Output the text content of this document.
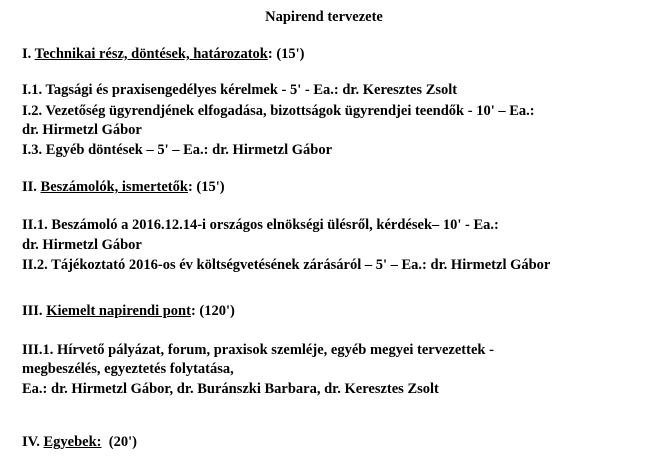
Napirend tervezete
I. Technikai rész, döntések, határozatok: (15')
I.1. Tagsági és praxisengedélyes kérelmek - 5' - Ea.: dr. Keresztes Zsolt
I.2. Vezetőség ügyrendjének elfogadása, bizottságok ügyrendjei teendők - 10' – Ea.:
dr. Hirmetzl Gábor
I.3. Egyéb döntések – 5' – Ea.: dr. Hirmetzl Gábor
II. Beszámolók, ismertetők: (15')
II.1. Beszámoló a 2016.12.14-i országos elnökségi ülésről, kérdések– 10' - Ea.:
dr. Hirmetzl Gábor
II.2. Tájékoztató 2016-os év költségvetésének zárásáról – 5' – Ea.: dr. Hirmetzl Gábor
III. Kiemelt napirendi pont: (120')
III.1. Hírvető pályázat, forum, praxisok szemléje, egyéb megyei tervezettek -
megbeszélés, egyeztetés folytatása,
Ea.: dr. Hirmetzl Gábor, dr. Buránszki Barbara, dr. Keresztes Zsolt
IV. Egyebek:  (20')
